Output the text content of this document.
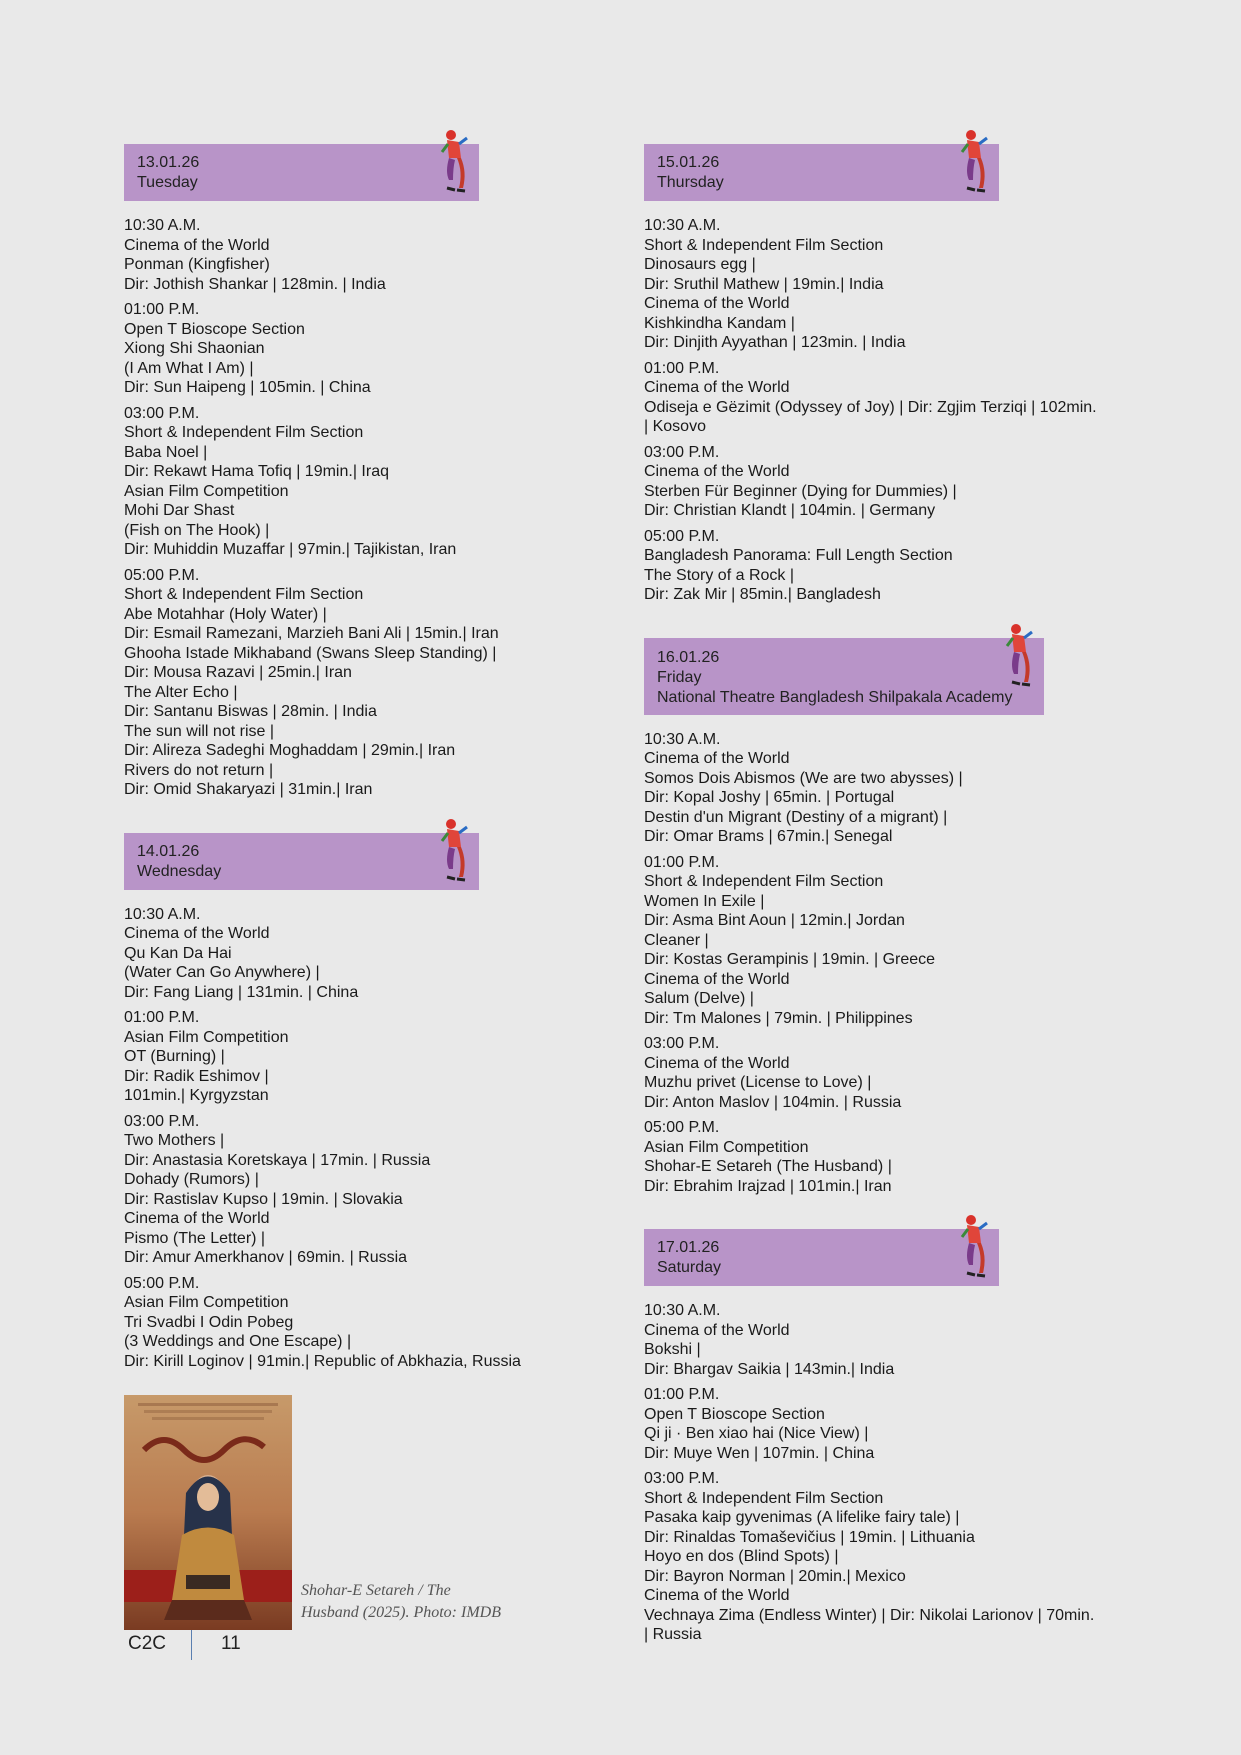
13.01.26
Tuesday
10:30 A.M.
Cinema of the World
Ponman (Kingfisher)
Dir: Jothish Shankar | 128min. | India
01:00 P.M.
Open T Bioscope Section
Xiong Shi Shaonian
(I Am What I Am) |
Dir: Sun Haipeng | 105min. | China
03:00 P.M.
Short & Independent Film Section
Baba Noel |
Dir: Rekawt Hama Tofiq | 19min.| Iraq
Asian Film Competition
Mohi Dar Shast
(Fish on The Hook) |
Dir: Muhiddin Muzaffar | 97min.| Tajikistan, Iran
05:00 P.M.
Short & Independent Film Section
Abe Motahhar (Holy Water) |
Dir: Esmail Ramezani, Marzieh Bani Ali | 15min.| Iran
Ghooha Istade Mikhaband (Swans Sleep Standing) |
Dir: Mousa Razavi | 25min.| Iran
The Alter Echo |
Dir: Santanu Biswas | 28min. | India
The sun will not rise |
Dir: Alireza Sadeghi Moghaddam | 29min.| Iran
Rivers do not return |
Dir: Omid Shakaryazi | 31min.| Iran
14.01.26
Wednesday
10:30 A.M.
Cinema of the World
Qu Kan Da Hai
(Water Can Go Anywhere) |
Dir: Fang Liang | 131min. | China
01:00 P.M.
Asian Film Competition
OT (Burning) |
Dir: Radik Eshimov |
101min.| Kyrgyzstan
03:00 P.M.
Two Mothers |
Dir: Anastasia Koretskaya | 17min. | Russia
Dohady (Rumors) |
Dir: Rastislav Kupso | 19min. | Slovakia
Cinema of the World
Pismo (The Letter) |
Dir: Amur Amerkhanov | 69min. | Russia
05:00 P.M.
Asian Film Competition
Tri Svadbi I Odin Pobeg
(3 Weddings and One Escape) |
Dir: Kirill Loginov | 91min.| Republic of Abkhazia, Russia
15.01.26
Thursday
10:30 A.M.
Short & Independent Film Section
Dinosaurs egg |
Dir: Sruthil Mathew | 19min.| India
Cinema of the World
Kishkindha Kandam |
Dir: Dinjith Ayyathan | 123min. | India
01:00 P.M.
Cinema of the World
Odiseja e Gëzimit (Odyssey of Joy) | Dir: Zgjim Terziqi | 102min.
| Kosovo
03:00 P.M.
Cinema of the World
Sterben Für Beginner (Dying for Dummies) |
Dir: Christian Klandt | 104min. | Germany
05:00 P.M.
Bangladesh Panorama: Full Length Section
The Story of a Rock |
Dir: Zak Mir | 85min.| Bangladesh
16.01.26
Friday
National Theatre Bangladesh Shilpakala Academy
10:30 A.M.
Cinema of the World
Somos Dois Abismos (We are two abysses) |
Dir: Kopal Joshy | 65min. | Portugal
Destin d'un Migrant (Destiny of a migrant) |
Dir: Omar Brams | 67min.| Senegal
01:00 P.M.
Short & Independent Film Section
Women In Exile |
Dir: Asma Bint Aoun | 12min.| Jordan
Cleaner |
Dir: Kostas Gerampinis | 19min. | Greece
Cinema of the World
Salum (Delve) |
Dir: Tm Malones | 79min. | Philippines
03:00 P.M.
Cinema of the World
Muzhu privet (License to Love) |
Dir: Anton Maslov | 104min. | Russia
05:00 P.M.
Asian Film Competition
Shohar-E Setareh (The Husband) |
Dir: Ebrahim Irajzad | 101min.| Iran
17.01.26
Saturday
10:30 A.M.
Cinema of the World
Bokshi |
Dir: Bhargav Saikia | 143min.| India
01:00 P.M.
Open T Bioscope Section
Qi ji · Ben xiao hai (Nice View) |
Dir: Muye Wen | 107min. | China
03:00 P.M.
Short & Independent Film Section
Pasaka kaip gyvenimas (A lifelike fairy tale) |
Dir: Rinaldas Tomaševičius | 19min. | Lithuania
Hoyo en dos (Blind Spots) |
Dir: Bayron Norman | 20min.| Mexico
Cinema of the World
Vechnaya Zima (Endless Winter) | Dir: Nikolai Larionov | 70min.
| Russia
Shohar-E Setareh / The
Husband (2025). Photo: IMDB
C2C	11
